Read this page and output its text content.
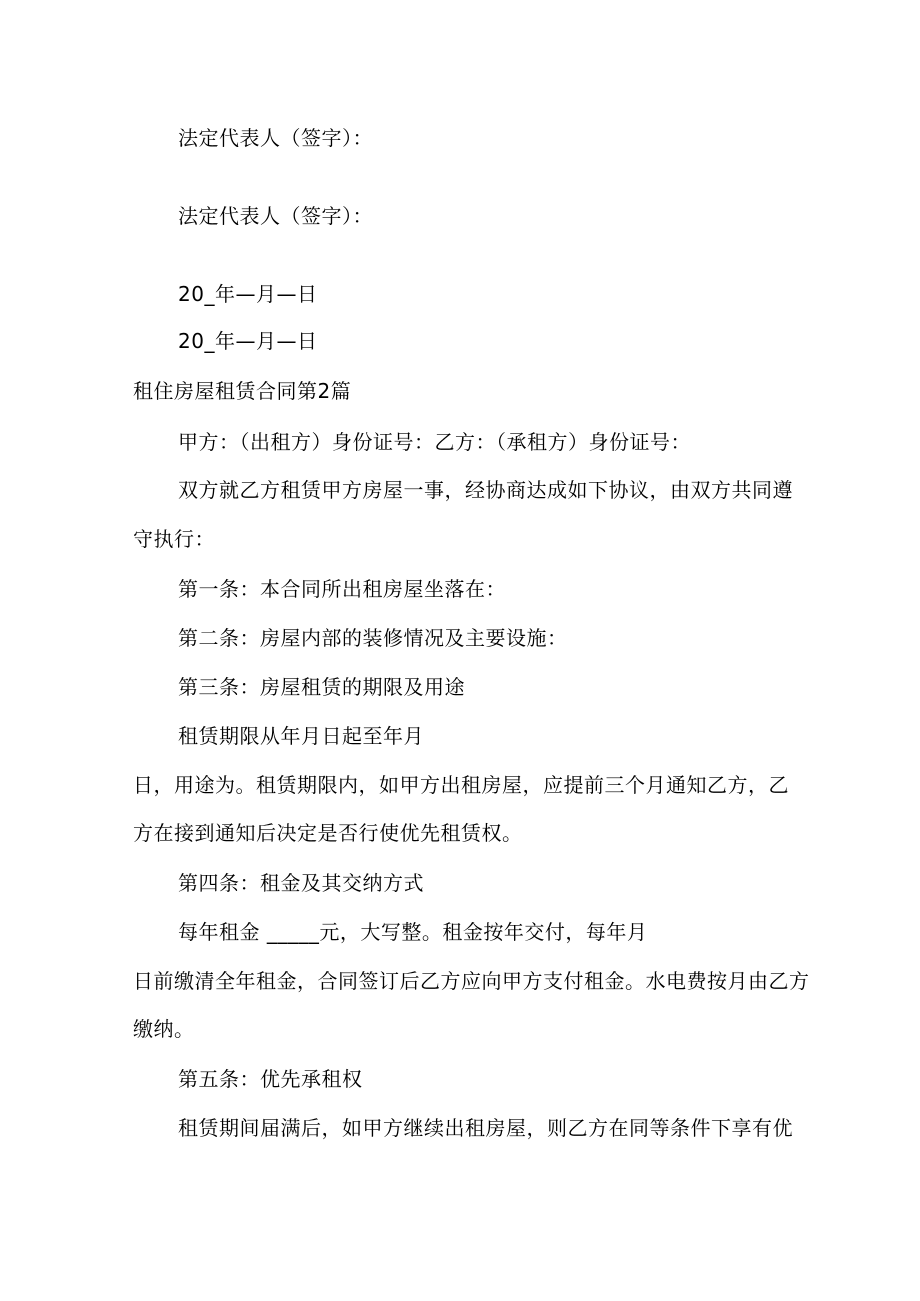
法定代表人（签字）：
法定代表人（签字）：
20_年—月—日
20_年—月—日
租住房屋租赁合同第2篇
甲方：（出租方）身份证号：乙方：（承租方）身份证号：
双方就乙方租赁甲方房屋一事，经协商达成如下协议，由双方共同遵
守执行：
第一条：本合同所出租房屋坐落在：
第二条：房屋内部的装修情况及主要设施：
第三条：房屋租赁的期限及用途
租赁期限从年月日起至年月
日，用途为。租赁期限内，如甲方出租房屋，应提前三个月通知乙方，乙
方在接到通知后决定是否行使优先租赁权。
第四条：租金及其交纳方式
每年租金 _____元，大写整。租金按年交付，每年月
日前缴清全年租金，合同签订后乙方应向甲方支付租金。水电费按月由乙方
缴纳。
第五条：优先承租权
租赁期间届满后，如甲方继续出租房屋，则乙方在同等条件下享有优
